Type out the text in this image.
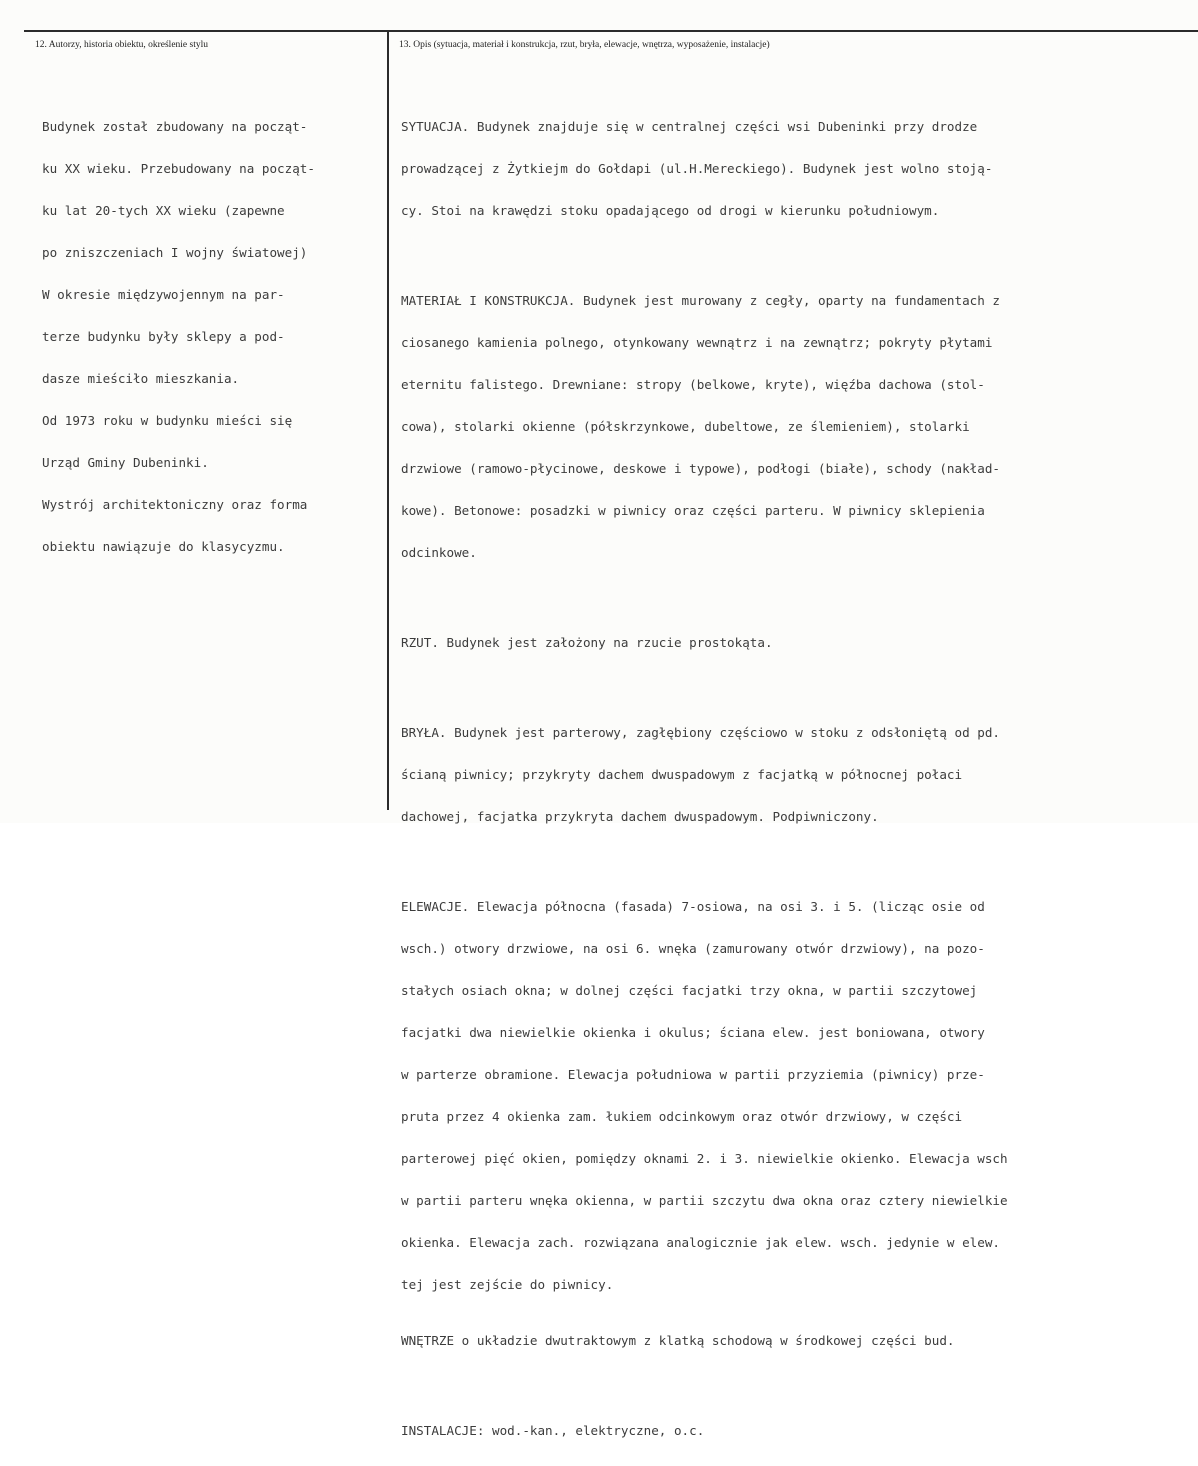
12. Autorzy, historia obiektu, określenie stylu	13. Opis (sytuacja, materiał i konstrukcja, rzut, bryła, elewacje, wnętrza, wyposażenie, instalacje)

Budynek został zbudowany na począt-

ku XX wieku. Przebudowany na począt-

ku lat 20-tych XX wieku (zapewne

po zniszczeniach I wojny światowej)

W okresie międzywojennym na par-

terze budynku były sklepy a pod-

dasze mieściło mieszkania.

Od 1973 roku w budynku mieści się

Urząd Gminy Dubeninki.

Wystrój architektoniczny oraz forma

obiektu nawiązuje do klasycyzmu.

SYTUACJA. Budynek znajduje się w centralnej części wsi Dubeninki przy drodze

prowadzącej z Żytkiejm do Gołdapi (ul.H.Mereckiego). Budynek jest wolno stoją-

cy. Stoi na krawędzi stoku opadającego od drogi w kierunku południowym.

MATERIAŁ I KONSTRUKCJA. Budynek jest murowany z cegły, oparty na fundamentach z

ciosanego kamienia polnego, otynkowany wewnątrz i na zewnątrz; pokryty płytami

eternitu falistego. Drewniane: stropy (belkowe, kryte), więźba dachowa (stol-

cowa), stolarki okienne (półskrzynkowe, dubeltowe, ze ślemieniem), stolarki

drzwiowe (ramowo-płycinowe, deskowe i typowe), podłogi (białe), schody (nakład-

kowe). Betonowe: posadzki w piwnicy oraz części parteru. W piwnicy sklepienia

odcinkowe.

RZUT. Budynek jest założony na rzucie prostokąta.

BRYŁA. Budynek jest parterowy, zagłębiony częściowo w stoku z odsłoniętą od pd.

ścianą piwnicy; przykryty dachem dwuspadowym z facjatką w północnej połaci

dachowej, facjatka przykryta dachem dwuspadowym. Podpiwniczony.

ELEWACJE. Elewacja północna (fasada) 7-osiowa, na osi 3. i 5. (licząc osie od

wsch.) otwory drzwiowe, na osi 6. wnęka (zamurowany otwór drzwiowy), na pozo-

stałych osiach okna; w dolnej części facjatki trzy okna, w partii szczytowej

facjatki dwa niewielkie okienka i okulus; ściana elew. jest boniowana, otwory

w parterze obramione. Elewacja południowa w partii przyziemia (piwnicy) prze-

pruta przez 4 okienka zam. łukiem odcinkowym oraz otwór drzwiowy, w części

parterowej pięć okien, pomiędzy oknami 2. i 3. niewielkie okienko. Elewacja wsch

w partii parteru wnęka okienna, w partii szczytu dwa okna oraz cztery niewielkie

okienka. Elewacja zach. rozwiązana analogicznie jak elew. wsch. jedynie w elew.

tej jest zejście do piwnicy.

WNĘTRZE o układzie dwutraktowym z klatką schodową w środkowej części bud.

INSTALACJE: wod.-kan., elektryczne, o.c.
